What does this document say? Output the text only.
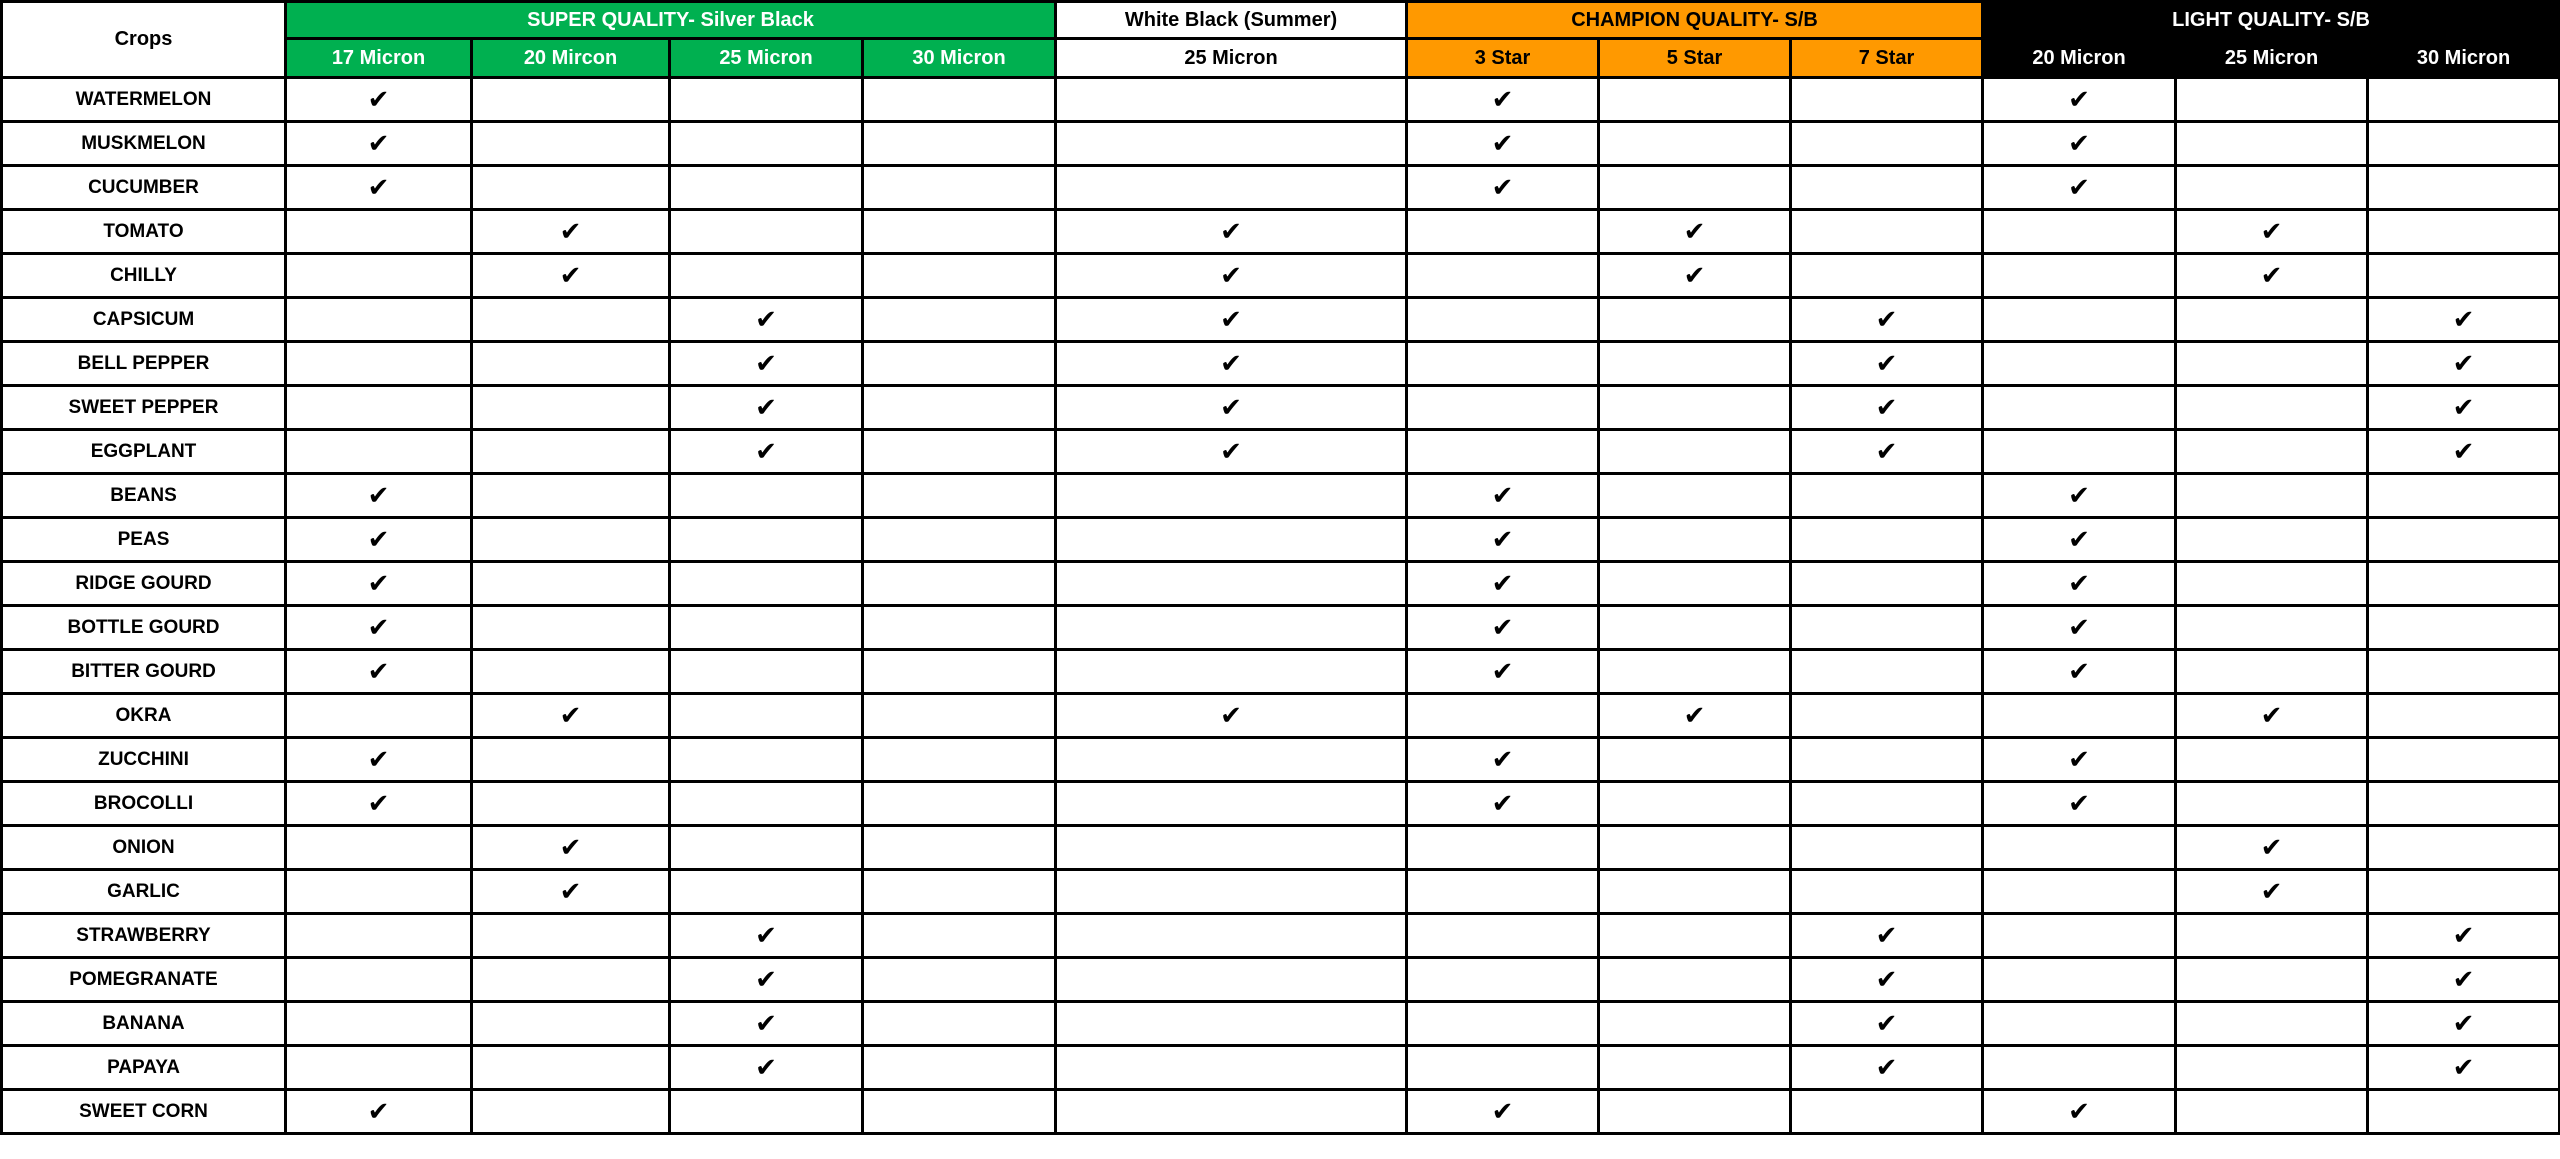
Crops	SUPER QUALITY- Silver Black				White Black (Summer)	CHAMPION QUALITY- S/B			LIGHT QUALITY- S/B		
	17 Micron	20 Mircon	25 Micron	30 Micron	25 Micron	3 Star	5 Star	7 Star	20 Micron	25 Micron	30 Micron
WATERMELON	✔					✔			✔		
MUSKMELON	✔					✔			✔		
CUCUMBER	✔					✔			✔		
TOMATO		✔			✔		✔			✔	
CHILLY		✔			✔		✔			✔	
CAPSICUM			✔		✔			✔			✔
BELL PEPPER			✔		✔			✔			✔
SWEET PEPPER			✔		✔			✔			✔
EGGPLANT			✔		✔			✔			✔
BEANS	✔					✔			✔		
PEAS	✔					✔			✔		
RIDGE GOURD	✔					✔			✔		
BOTTLE GOURD	✔					✔			✔		
BITTER GOURD	✔					✔			✔		
OKRA		✔			✔		✔			✔	
ZUCCHINI	✔					✔			✔		
BROCOLLI	✔					✔			✔		
ONION		✔								✔	
GARLIC		✔								✔	
STRAWBERRY			✔					✔			✔
POMEGRANATE			✔					✔			✔
BANANA			✔					✔			✔
PAPAYA			✔					✔			✔
SWEET CORN	✔					✔			✔		
